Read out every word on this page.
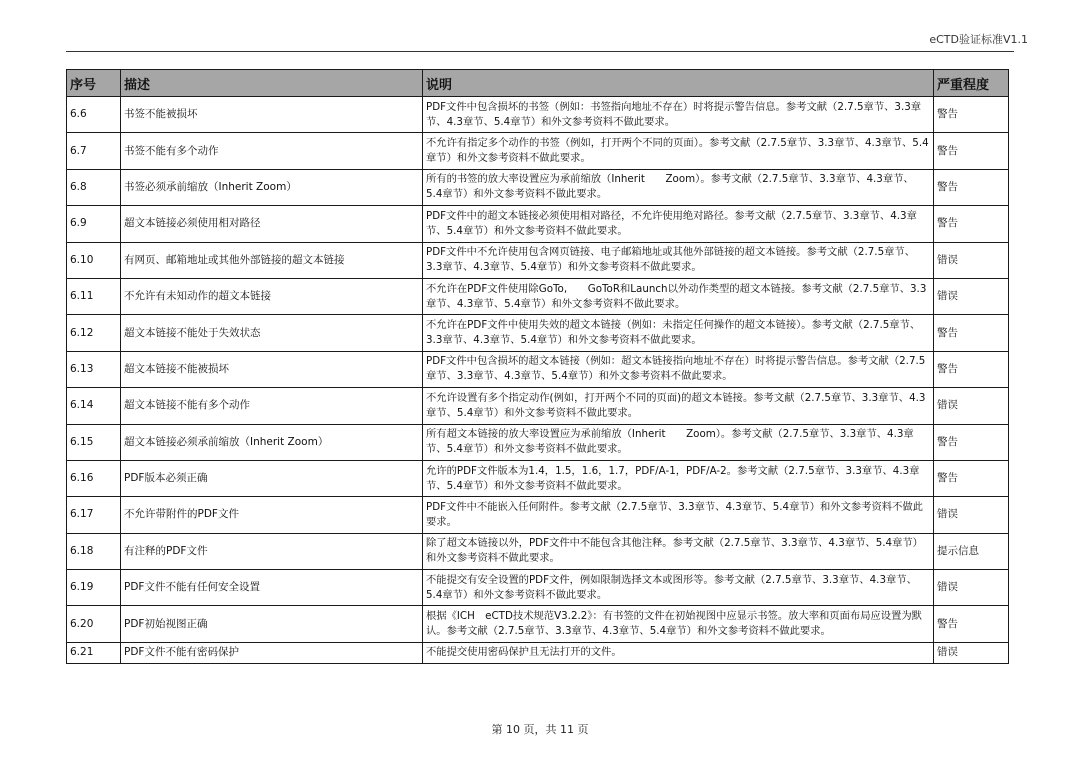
eCTD验证标准V1.1
序号	描述	说明	严重程度
6.6	书签不能被损坏	PDF文件中包含损坏的书签（例如：书签指向地址不存在）时将提示警告信息。参考文献（2.7.5章节、3.3章节、4.3章节、5.4章节）和外文参考资料不做此要求。	警告
6.7	书签不能有多个动作	不允许有指定多个动作的书签（例如，打开两个不同的页面）。参考文献（2.7.5章节、3.3章节、4.3章节、5.4章节）和外文参考资料不做此要求。	警告
6.8	书签必须承前缩放（Inherit Zoom）	所有的书签的放大率设置应为承前缩放（Inherit　　Zoom）。参考文献（2.7.5章节、3.3章节、4.3章节、5.4章节）和外文参考资料不做此要求。	警告
6.9	超文本链接必须使用相对路径	PDF文件中的超文本链接必须使用相对路径，不允许使用绝对路径。参考文献（2.7.5章节、3.3章节、4.3章节、5.4章节）和外文参考资料不做此要求。	警告
6.10	有网页、邮箱地址或其他外部链接的超文本链接	PDF文件中不允许使用包含网页链接、电子邮箱地址或其他外部链接的超文本链接。参考文献（2.7.5章节、3.3章节、4.3章节、5.4章节）和外文参考资料不做此要求。	错误
6.11	不允许有未知动作的超文本链接	不允许在PDF文件使用除GoTo,　　GoToR和Launch以外动作类型的超文本链接。参考文献（2.7.5章节、3.3章节、4.3章节、5.4章节）和外文参考资料不做此要求。	错误
6.12	超文本链接不能处于失效状态	不允许在PDF文件中使用失效的超文本链接（例如：未指定任何操作的超文本链接）。参考文献（2.7.5章节、3.3章节、4.3章节、5.4章节）和外文参考资料不做此要求。	警告
6.13	超文本链接不能被损坏	PDF文件中包含损坏的超文本链接（例如：超文本链接指向地址不存在）时将提示警告信息。参考文献（2.7.5章节、3.3章节、4.3章节、5.4章节）和外文参考资料不做此要求。	警告
6.14	超文本链接不能有多个动作	不允许设置有多个指定动作(例如，打开两个不同的页面)的超文本链接。参考文献（2.7.5章节、3.3章节、4.3章节、5.4章节）和外文参考资料不做此要求。	错误
6.15	超文本链接必须承前缩放（Inherit Zoom）	所有超文本链接的放大率设置应为承前缩放（Inherit　　Zoom）。参考文献（2.7.5章节、3.3章节、4.3章节、5.4章节）和外文参考资料不做此要求。	警告
6.16	PDF版本必须正确	允许的PDF文件版本为1.4，1.5，1.6，1.7，PDF/A-1，PDF/A-2。参考文献（2.7.5章节、3.3章节、4.3章节、5.4章节）和外文参考资料不做此要求。	警告
6.17	不允许带附件的PDF文件	PDF文件中不能嵌入任何附件。参考文献（2.7.5章节、3.3章节、4.3章节、5.4章节）和外文参考资料不做此要求。	错误
6.18	有注释的PDF文件	除了超文本链接以外，PDF文件中不能包含其他注释。参考文献（2.7.5章节、3.3章节、4.3章节、5.4章节）和外文参考资料不做此要求。	提示信息
6.19	PDF文件不能有任何安全设置	不能提交有安全设置的PDF文件，例如限制选择文本或图形等。参考文献（2.7.5章节、3.3章节、4.3章节、5.4章节）和外文参考资料不做此要求。	错误
6.20	PDF初始视图正确	根据《ICH　eCTD技术规范V3.2.2》：有书签的文件在初始视图中应显示书签。放大率和页面布局应设置为默认。参考文献（2.7.5章节、3.3章节、4.3章节、5.4章节）和外文参考资料不做此要求。	警告
6.21	PDF文件不能有密码保护	不能提交使用密码保护且无法打开的文件。	错误
第 10 页，共 11 页
